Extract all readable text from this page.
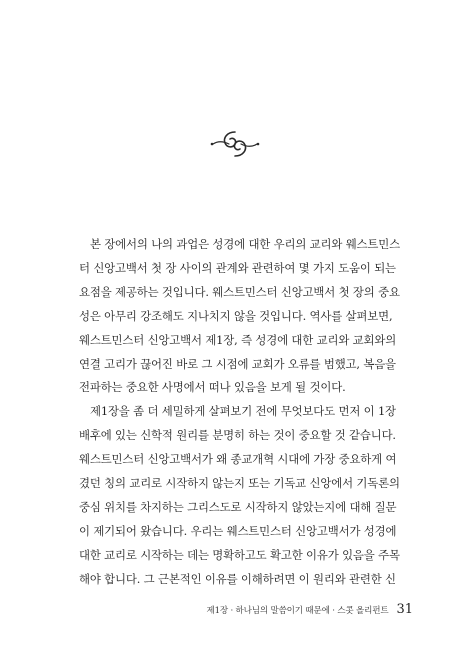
본 장에서의 나의 과업은 성경에 대한 우리의 교리와 웨스트민스
터 신앙고백서 첫 장 사이의 관계와 관련하여 몇 가지 도움이 되는
요점을 제공하는 것입니다. 웨스트민스터 신앙고백서 첫 장의 중요
성은 아무리 강조해도 지나치지 않을 것입니다. 역사를 살펴보면,
웨스트민스터 신앙고백서 제1장, 즉 성경에 대한 교리와 교회와의
연결 고리가 끊어진 바로 그 시점에 교회가 오류를 범했고, 복음을
전파하는 중요한 사명에서 떠나 있음을 보게 될 것이다.

제1장을 좀 더 세밀하게 살펴보기 전에 무엇보다도 먼저 이 1장
배후에 있는 신학적 원리를 분명히 하는 것이 중요할 것 같습니다.
웨스트민스터 신앙고백서가 왜 종교개혁 시대에 가장 중요하게 여
겼던 칭의 교리로 시작하지 않는지 또는 기독교 신앙에서 기독론의
중심 위치를 차지하는 그리스도로 시작하지 않았는지에 대해 질문
이 제기되어 왔습니다. 우리는 웨스트민스터 신앙고백서가 성경에
대한 교리로 시작하는 데는 명확하고도 확고한 이유가 있음을 주목
해야 합니다. 그 근본적인 이유를 이해하려면 이 원리와 관련한 신

제1장 · 하나님의 말씀이기 때문에 · 스콧 올리펀트 31
